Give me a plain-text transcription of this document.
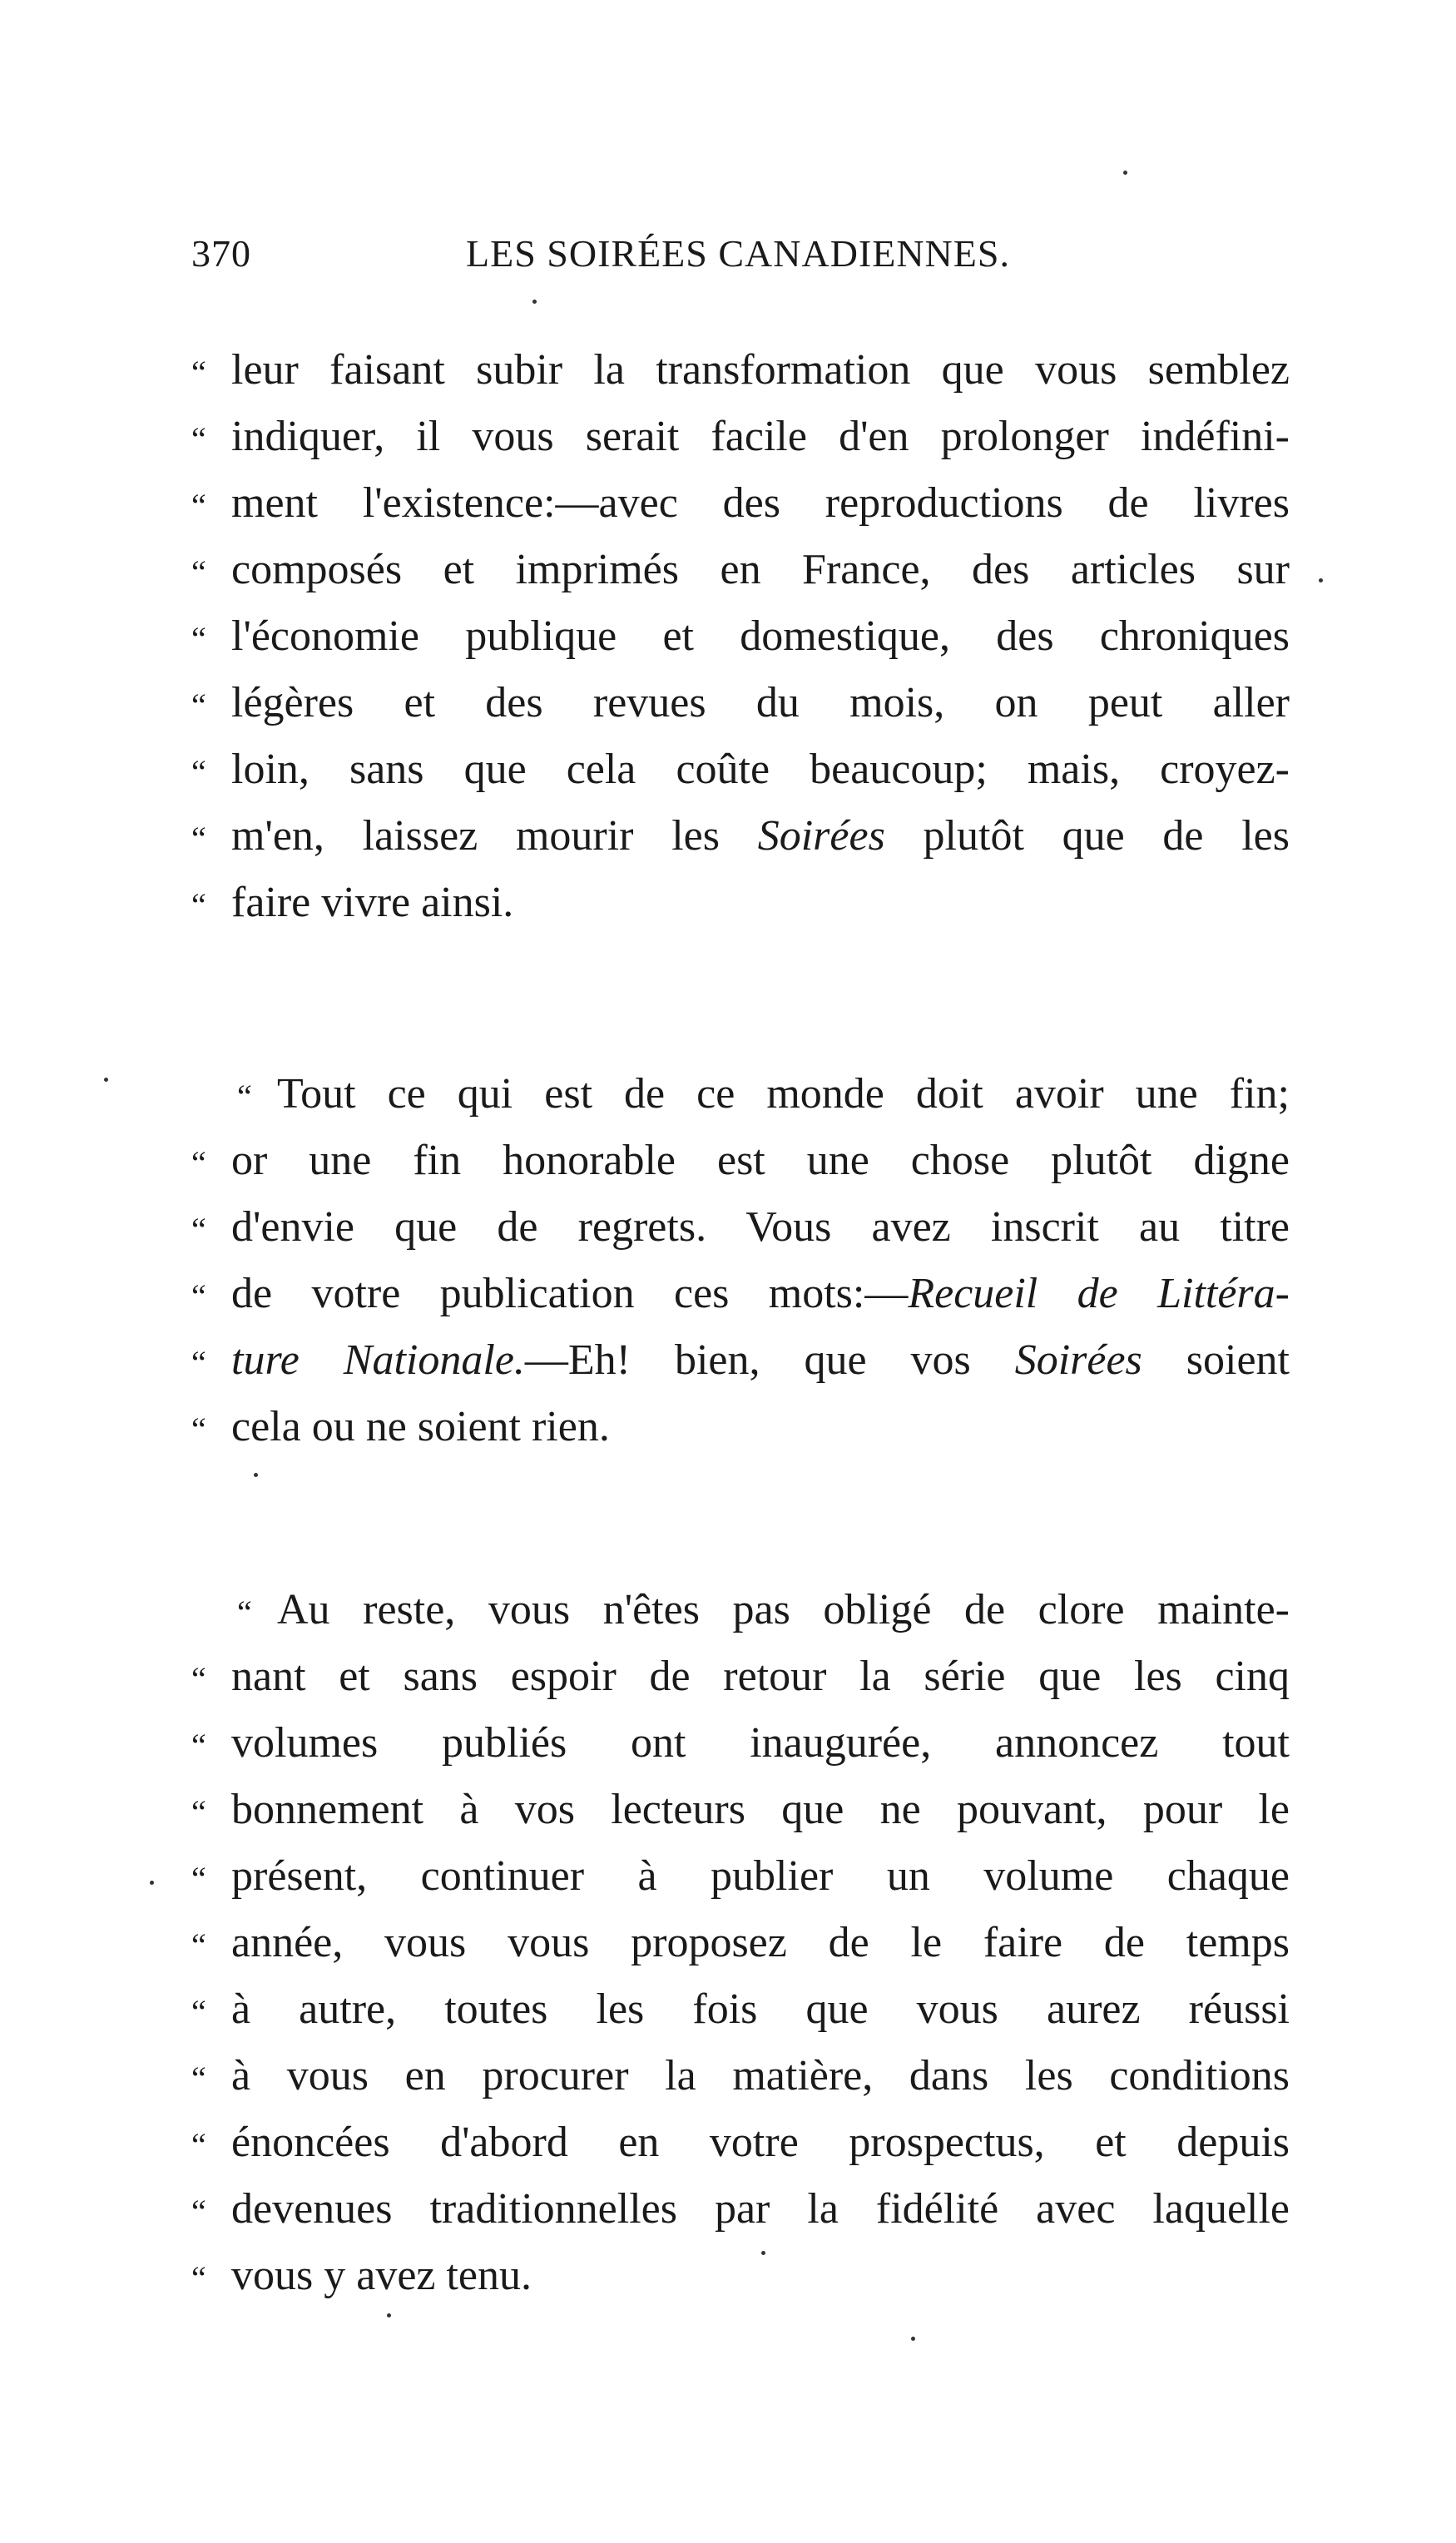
370	LES SOIRÉES CANADIENNES.
“ leur faisant subir la transformation que vous semblez
“ indiquer, il vous serait facile d'en prolonger indéfini-
“ ment l'existence:—avec des reproductions de livres
“ composés et imprimés en France, des articles sur
“ l'économie publique et domestique, des chroniques
“ légères et des revues du mois, on peut aller
“ loin, sans que cela coûte beaucoup; mais, croyez-
“ m'en, laissez mourir les Soirées plutôt que de les
“ faire vivre ainsi.
“ Tout ce qui est de ce monde doit avoir une fin;
“ or une fin honorable est une chose plutôt digne
“ d'envie que de regrets. Vous avez inscrit au titre
“ de votre publication ces mots:—Recueil de Littéra-
“ ture Nationale.—Eh! bien, que vos Soirées soient
“ cela ou ne soient rien.
“ Au reste, vous n'êtes pas obligé de clore mainte-
“ nant et sans espoir de retour la série que les cinq
“ volumes publiés ont inaugurée, annoncez tout
“ bonnement à vos lecteurs que ne pouvant, pour le
“ présent, continuer à publier un volume chaque
“ année, vous vous proposez de le faire de temps
“ à autre, toutes les fois que vous aurez réussi
“ à vous en procurer la matière, dans les conditions
“ énoncées d'abord en votre prospectus, et depuis
“ devenues traditionnelles par la fidélité avec laquelle
“ vous y avez tenu.
